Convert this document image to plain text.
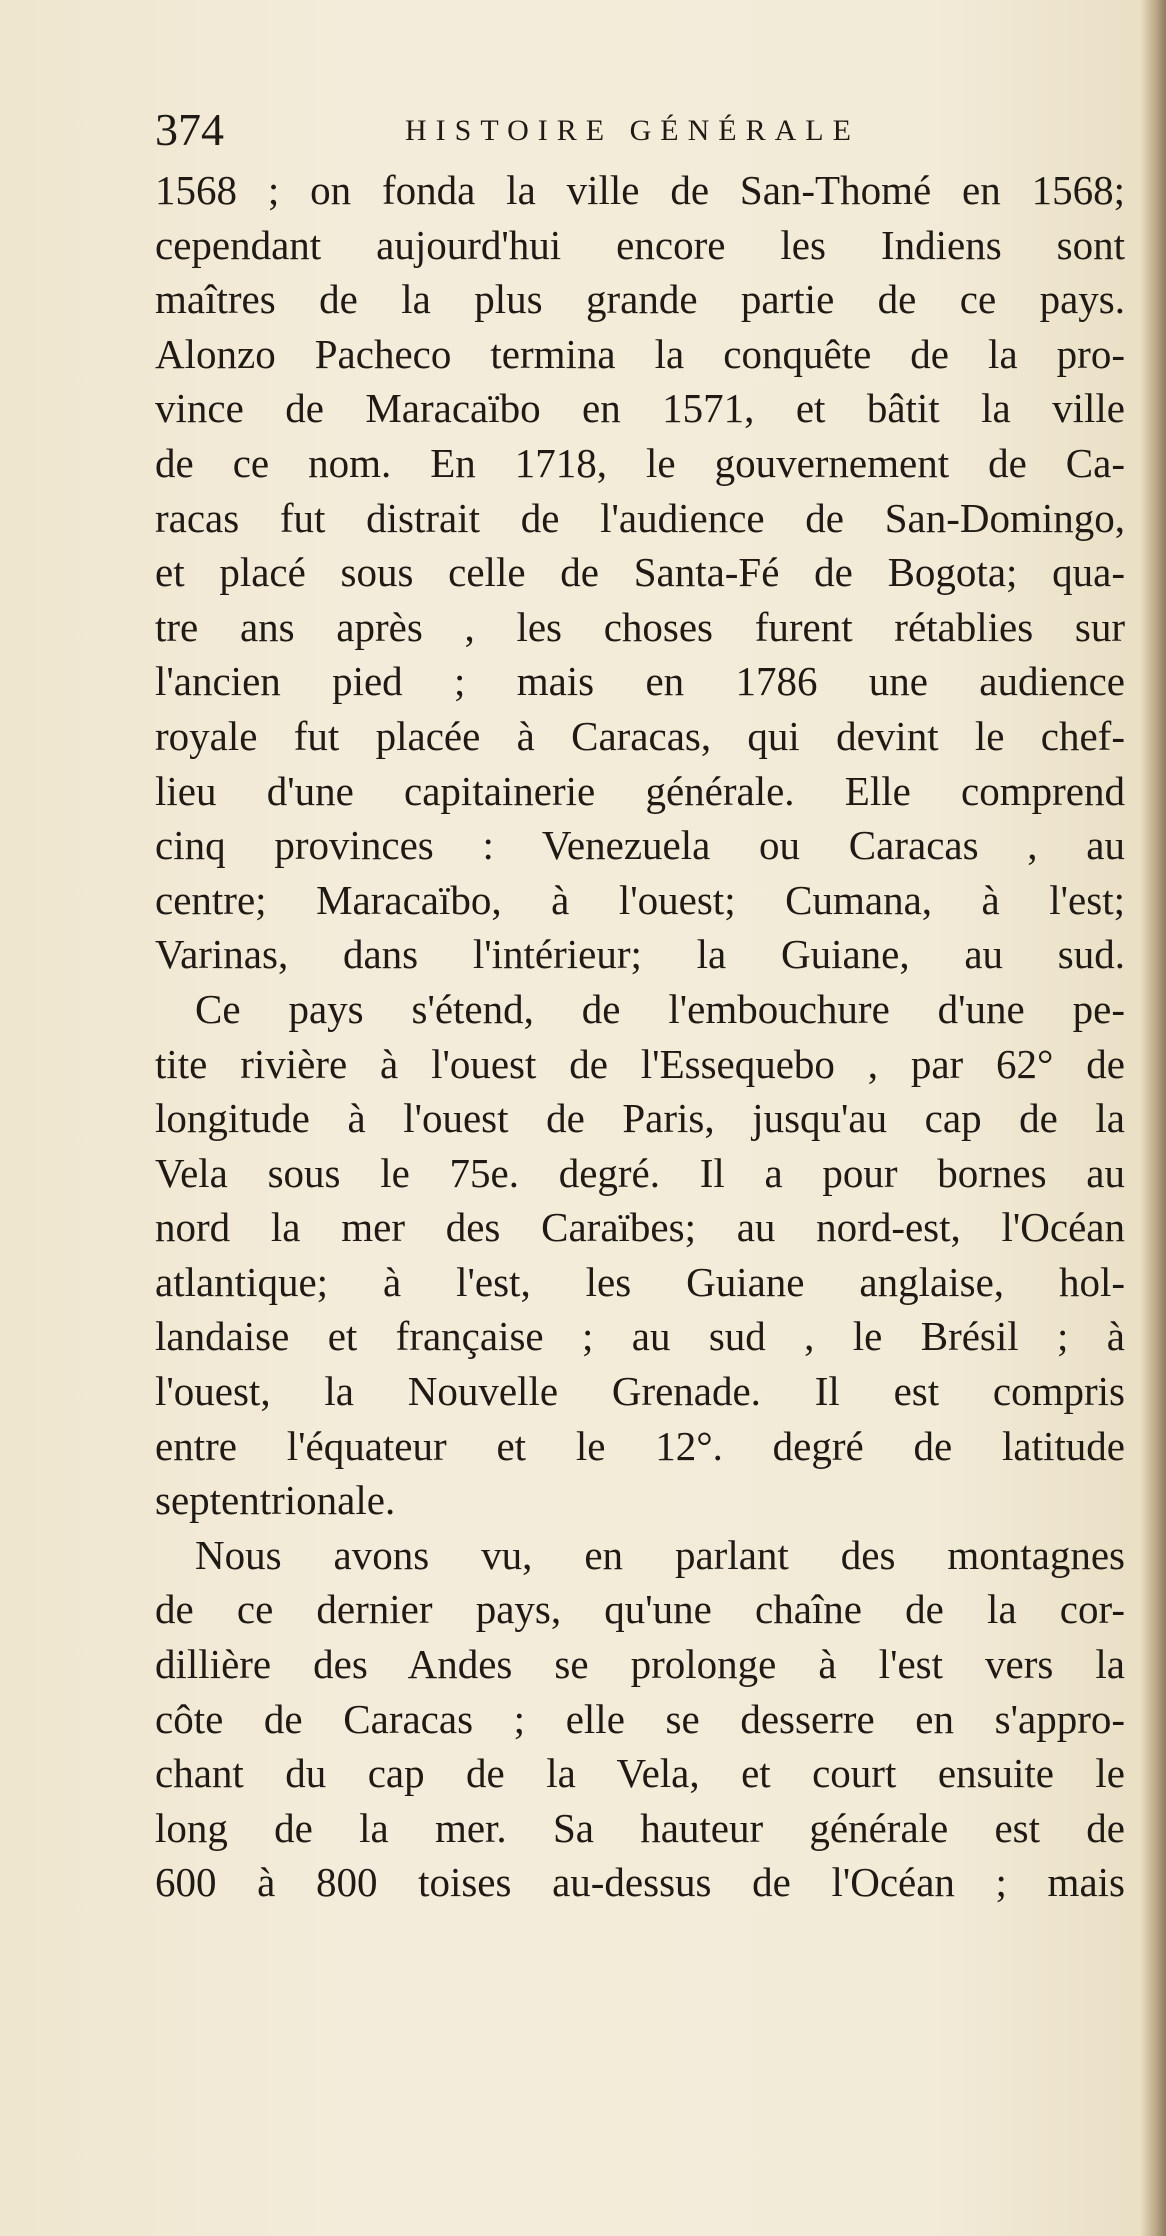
374	HISTOIRE GÉNÉRALE
1568 ; on fonda la ville de San-Thomé en 1568;
cependant aujourd'hui encore les Indiens sont
maîtres de la plus grande partie de ce pays.
Alonzo Pacheco termina la conquête de la pro-
vince de Maracaïbo en 1571, et bâtit la ville
de ce nom. En 1718, le gouvernement de Ca-
racas fut distrait de l'audience de San-Domingo,
et placé sous celle de Santa-Fé de Bogota; qua-
tre ans après , les choses furent rétablies sur
l'ancien pied ; mais en 1786 une audience
royale fut placée à Caracas, qui devint le chef-
lieu d'une capitainerie générale. Elle comprend
cinq provinces : Venezuela ou Caracas , au
centre; Maracaïbo, à l'ouest; Cumana, à l'est;
Varinas, dans l'intérieur; la Guiane, au sud.
Ce pays s'étend, de l'embouchure d'une pe-
tite rivière à l'ouest de l'Essequebo , par 62° de
longitude à l'ouest de Paris, jusqu'au cap de la
Vela sous le 75e. degré. Il a pour bornes au
nord la mer des Caraïbes; au nord-est, l'Océan
atlantique; à l'est, les Guiane anglaise, hol-
landaise et française ; au sud , le Brésil ; à
l'ouest, la Nouvelle Grenade. Il est compris
entre l'équateur et le 12°. degré de latitude
septentrionale.
Nous avons vu, en parlant des montagnes
de ce dernier pays, qu'une chaîne de la cor-
dillière des Andes se prolonge à l'est vers la
côte de Caracas ; elle se desserre en s'appro-
chant du cap de la Vela, et court ensuite le
long de la mer. Sa hauteur générale est de
600 à 800 toises au-dessus de l'Océan ; mais
